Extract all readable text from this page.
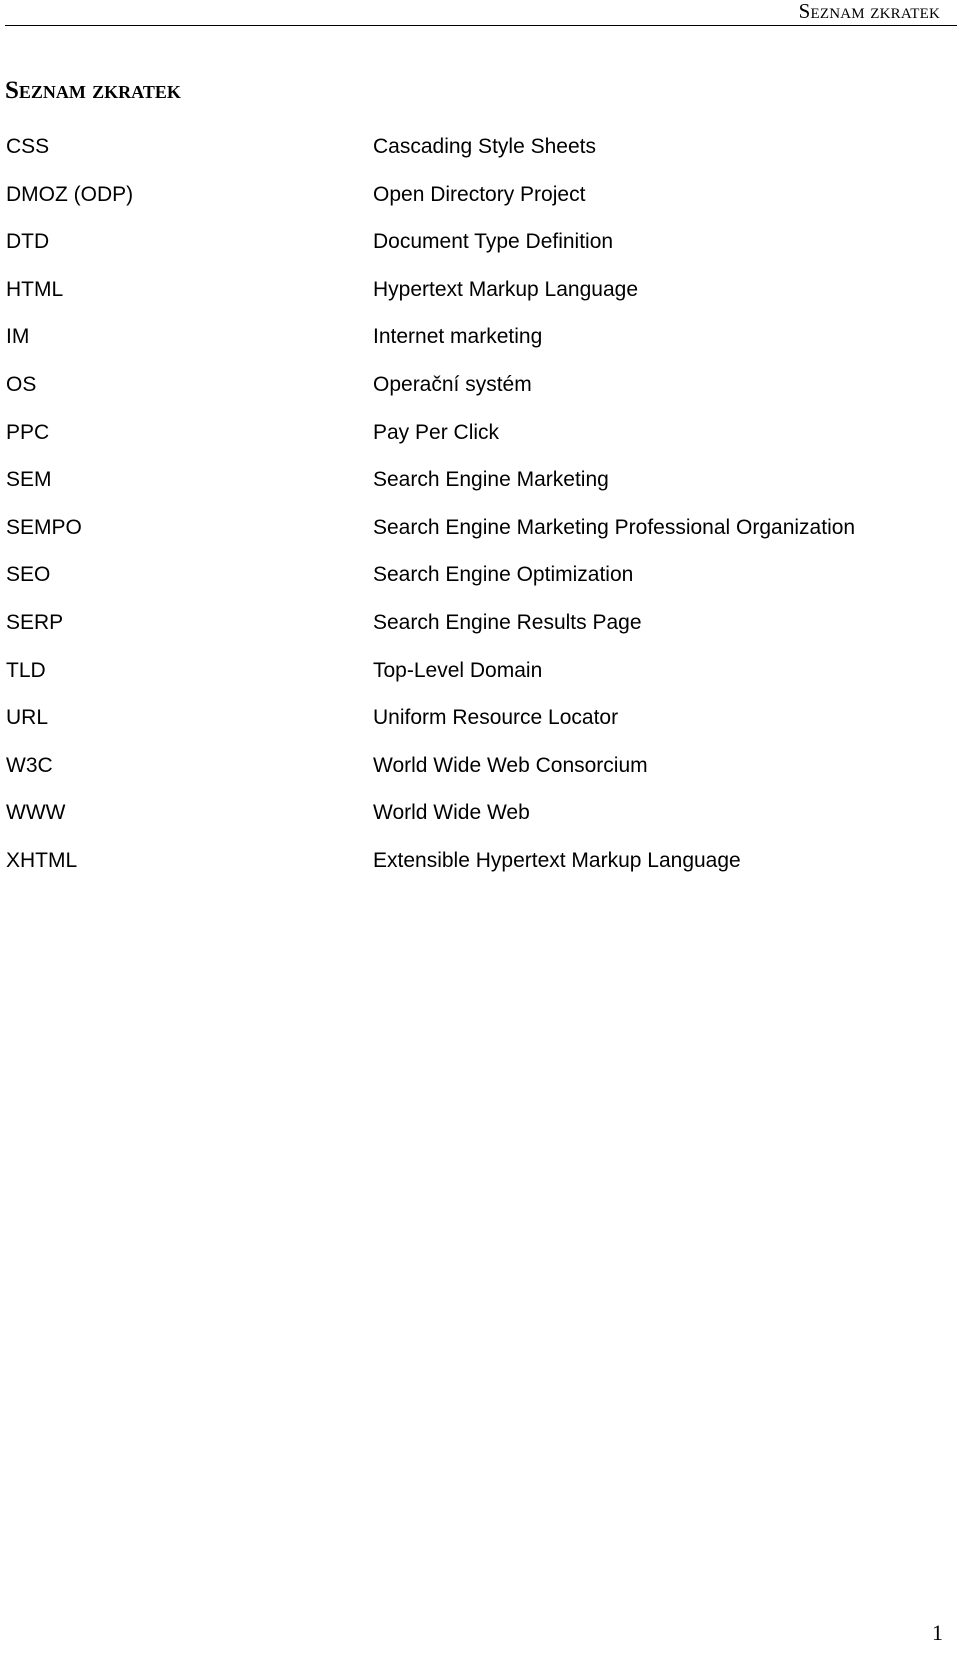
Seznam zkratek
Seznam zkratek
CSS	Cascading Style Sheets
DMOZ (ODP)	Open Directory Project
DTD	Document Type Definition
HTML	Hypertext Markup Language
IM	Internet marketing
OS	Operační systém
PPC	Pay Per Click
SEM	Search Engine Marketing
SEMPO	Search Engine Marketing Professional Organization
SEO	Search Engine Optimization
SERP	Search Engine Results Page
TLD	Top-Level Domain
URL	Uniform Resource Locator
W3C	World Wide Web Consorcium
WWW	World Wide Web
XHTML	Extensible Hypertext Markup Language
1
